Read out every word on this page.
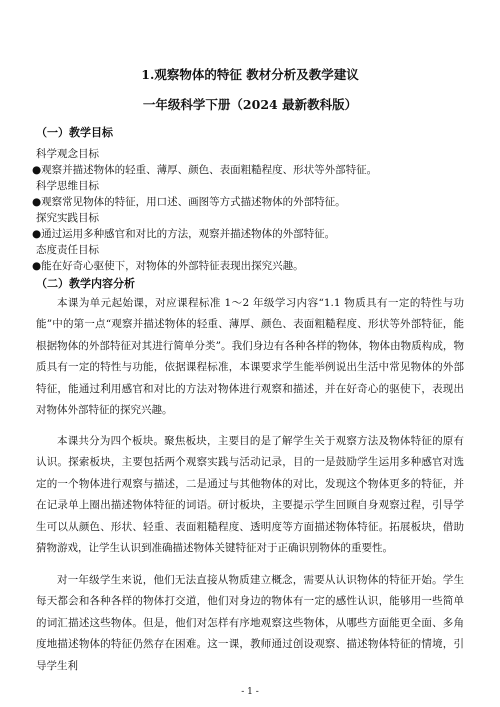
1.观察物体的特征 教材分析及教学建议
一年级科学下册（2024 最新教科版）
（一）教学目标
科学观念目标
●观察并描述物体的轻重、薄厚、颜色、表面粗糙程度、形状等外部特征。
科学思维目标
●观察常见物体的特征，用口述、画图等方式描述物体的外部特征。
探究实践目标
●通过运用多种感官和对比的方法，观察并描述物体的外部特征。
态度责任目标
●能在好奇心驱使下，对物体的外部特征表现出探究兴趣。
（二）教学内容分析

本课为单元起始课，对应课程标准 1～2 年级学习内容“1.1 物质具有一定的特性与功能”中的第一点“观察并描述物体的轻重、薄厚、颜色、表面粗糙程度、形状等外部特征，能根据物体的外部特征对其进行简单分类”。我们身边有各种各样的物体，物体由物质构成，物质具有一定的特性与功能，依据课程标准，本课要求学生能举例说出生活中常见物体的外部特征，能通过利用感官和对比的方法对物体进行观察和描述，并在好奇心的驱使下，表现出对物体外部特征的探究兴趣。

本课共分为四个板块。聚焦板块，主要目的是了解学生关于观察方法及物体特征的原有认识。探索板块，主要包括两个观察实践与活动记录，目的一是鼓励学生运用多种感官对选定的一个物体进行观察与描述，二是通过与其他物体的对比，发现这个物体更多的特征，并在记录单上圈出描述物体特征的词语。研讨板块，主要提示学生回顾自身观察过程，引导学生可以从颜色、形状、轻重、表面粗糙程度、透明度等方面描述物体特征。拓展板块，借助猜物游戏，让学生认识到准确描述物体关键特征对于正确识别物体的重要性。

对一年级学生来说，他们无法直接从物质建立概念，需要从认识物体的特征开始。学生每天都会和各种各样的物体打交道，他们对身边的物体有一定的感性认识，能够用一些简单的词汇描述这些物体。但是，他们对怎样有序地观察这些物体，从哪些方面能更全面、多角度地描述物体的特征仍然存在困难。这一课，教师通过创设观察、描述物体特征的情境，引导学生利

- 1 -
